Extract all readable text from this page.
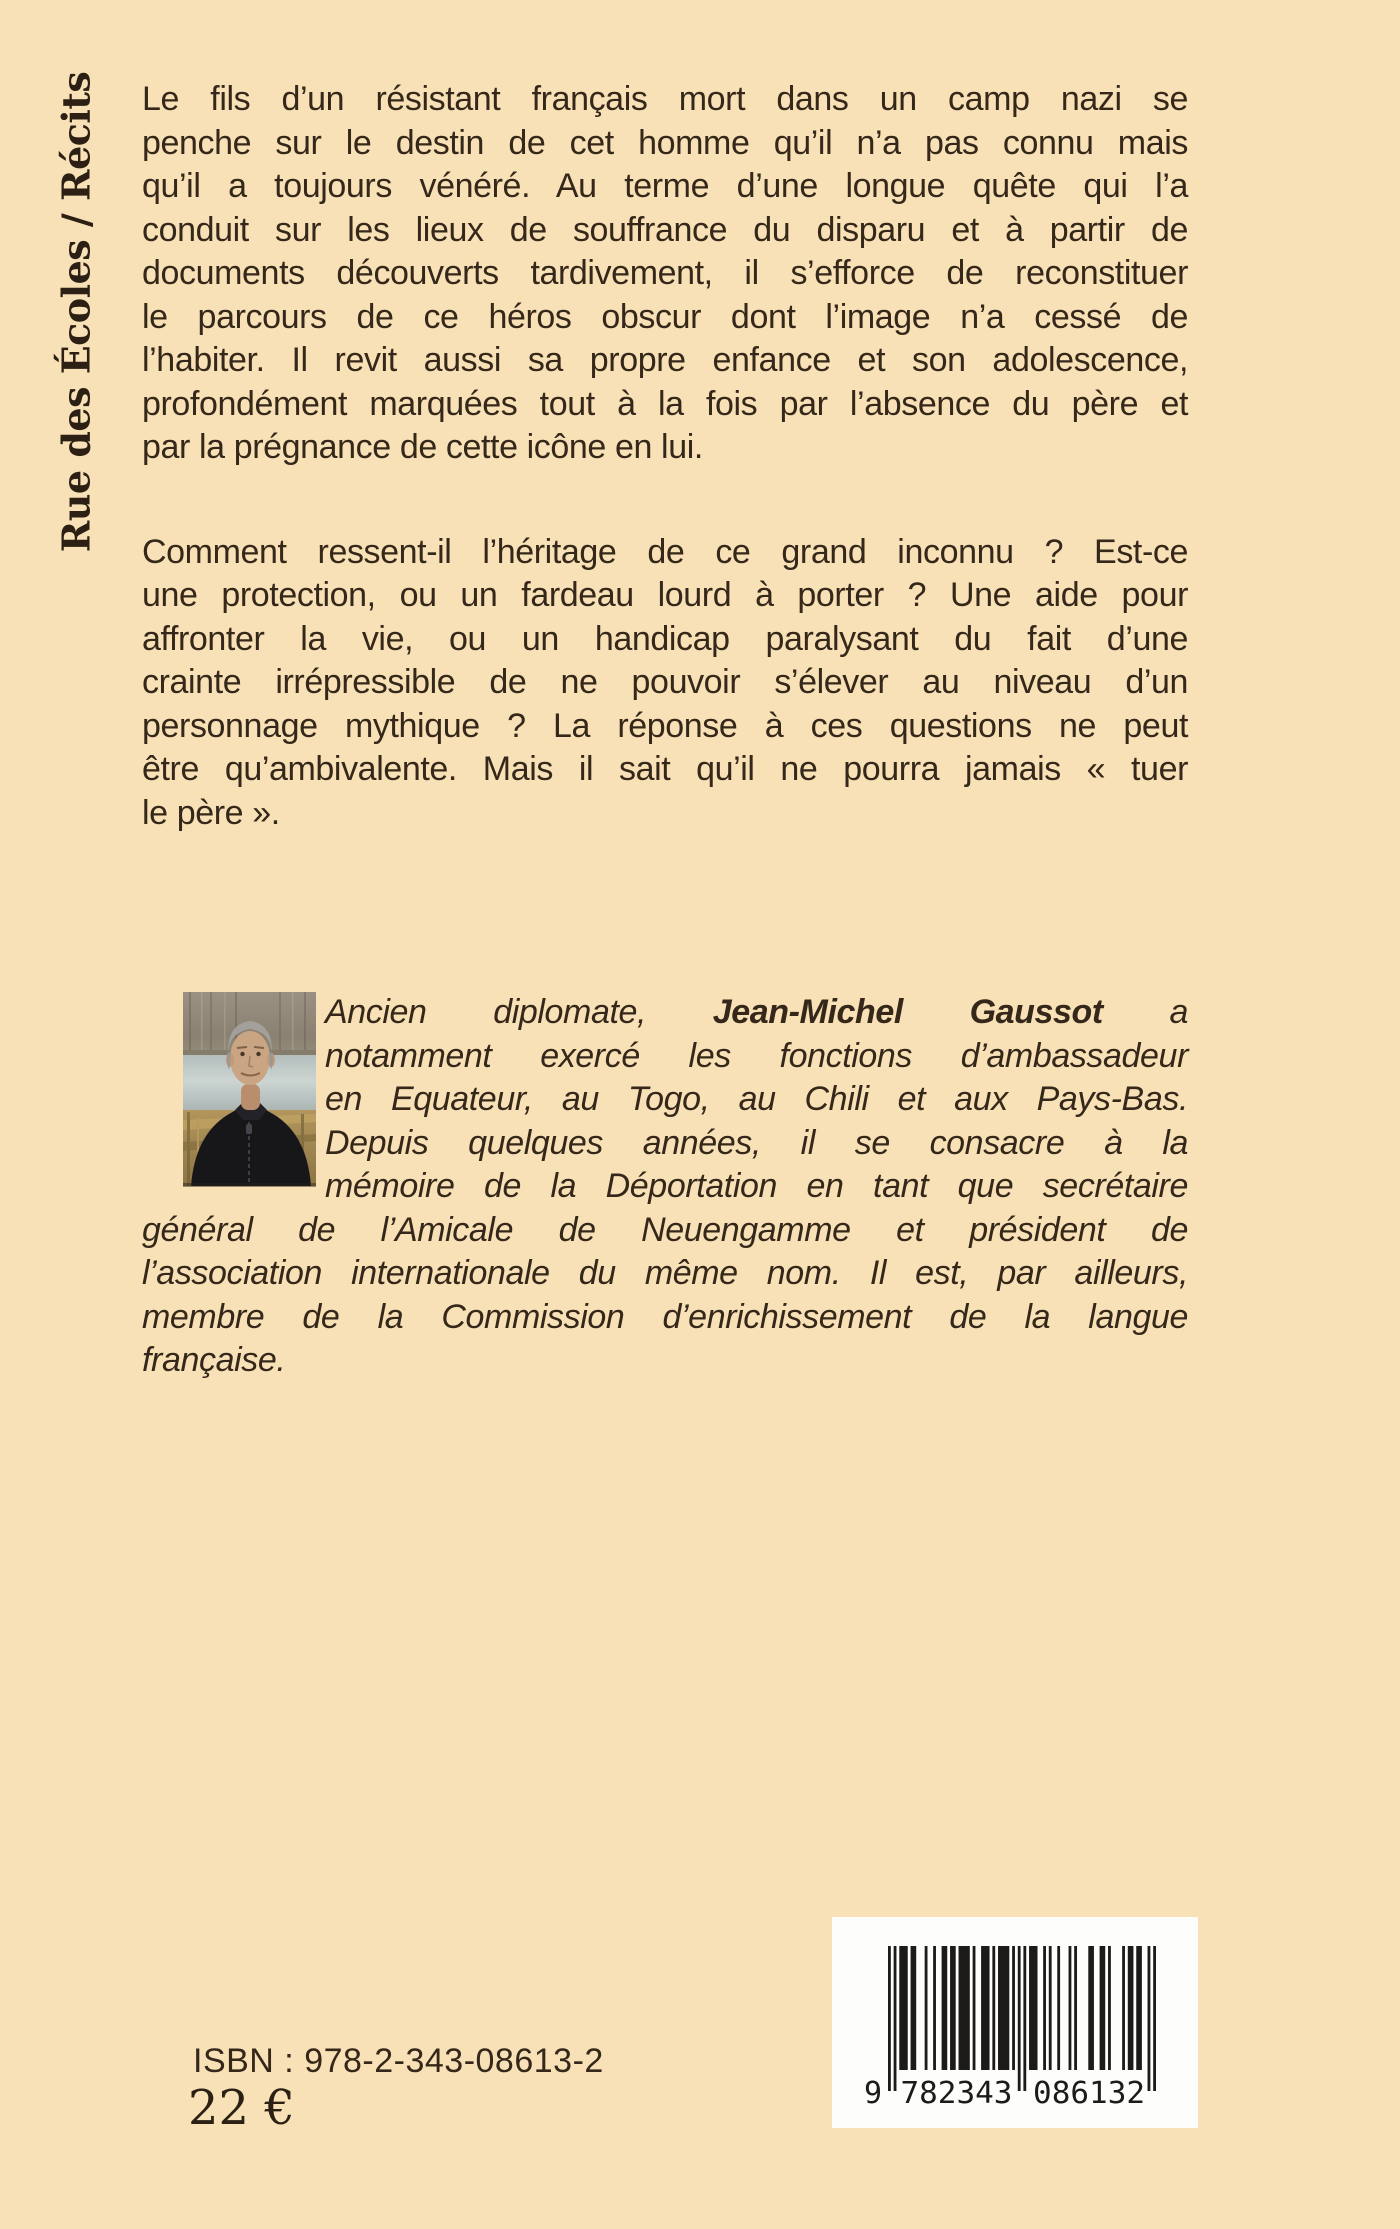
Rue des Écoles / Récits Le fils d’un résistant français mort dans un camp nazi se
penche sur le destin de cet homme qu’il n’a pas connu mais
qu’il a toujours vénéré. Au terme d’une longue quête qui l’a
conduit sur les lieux de souffrance du disparu et à partir de
documents découverts tardivement, il s’efforce de reconstituer
le parcours de ce héros obscur dont l’image n’a cessé de
l’habiter. Il revit aussi sa propre enfance et son adolescence,
profondément marquées tout à la fois par l’absence du père et
par la prégnance de cette icône en lui.
Comment ressent-il l’héritage de ce grand inconnu ? Est-ce
une protection, ou un fardeau lourd à porter ? Une aide pour
affronter la vie, ou un handicap paralysant du fait d’une
crainte irrépressible de ne pouvoir s’élever au niveau d’un
personnage mythique ? La réponse à ces questions ne peut
être qu’ambivalente. Mais il sait qu’il ne pourra jamais « tuer
le père ».
Ancien diplomate, Jean-Michel Gaussot a
notamment exercé les fonctions d’ambassadeur
en Equateur, au Togo, au Chili et aux Pays-Bas.
Depuis quelques années, il se consacre à la
mémoire de la Déportation en tant que secrétaire
général de l’Amicale de Neuengamme et président de
l’association internationale du même nom. Il est, par ailleurs,
membre de la Commission d’enrichissement de la langue
française.
ISBN : 978-2-343-08613-2
22 €	9 782343 086132
